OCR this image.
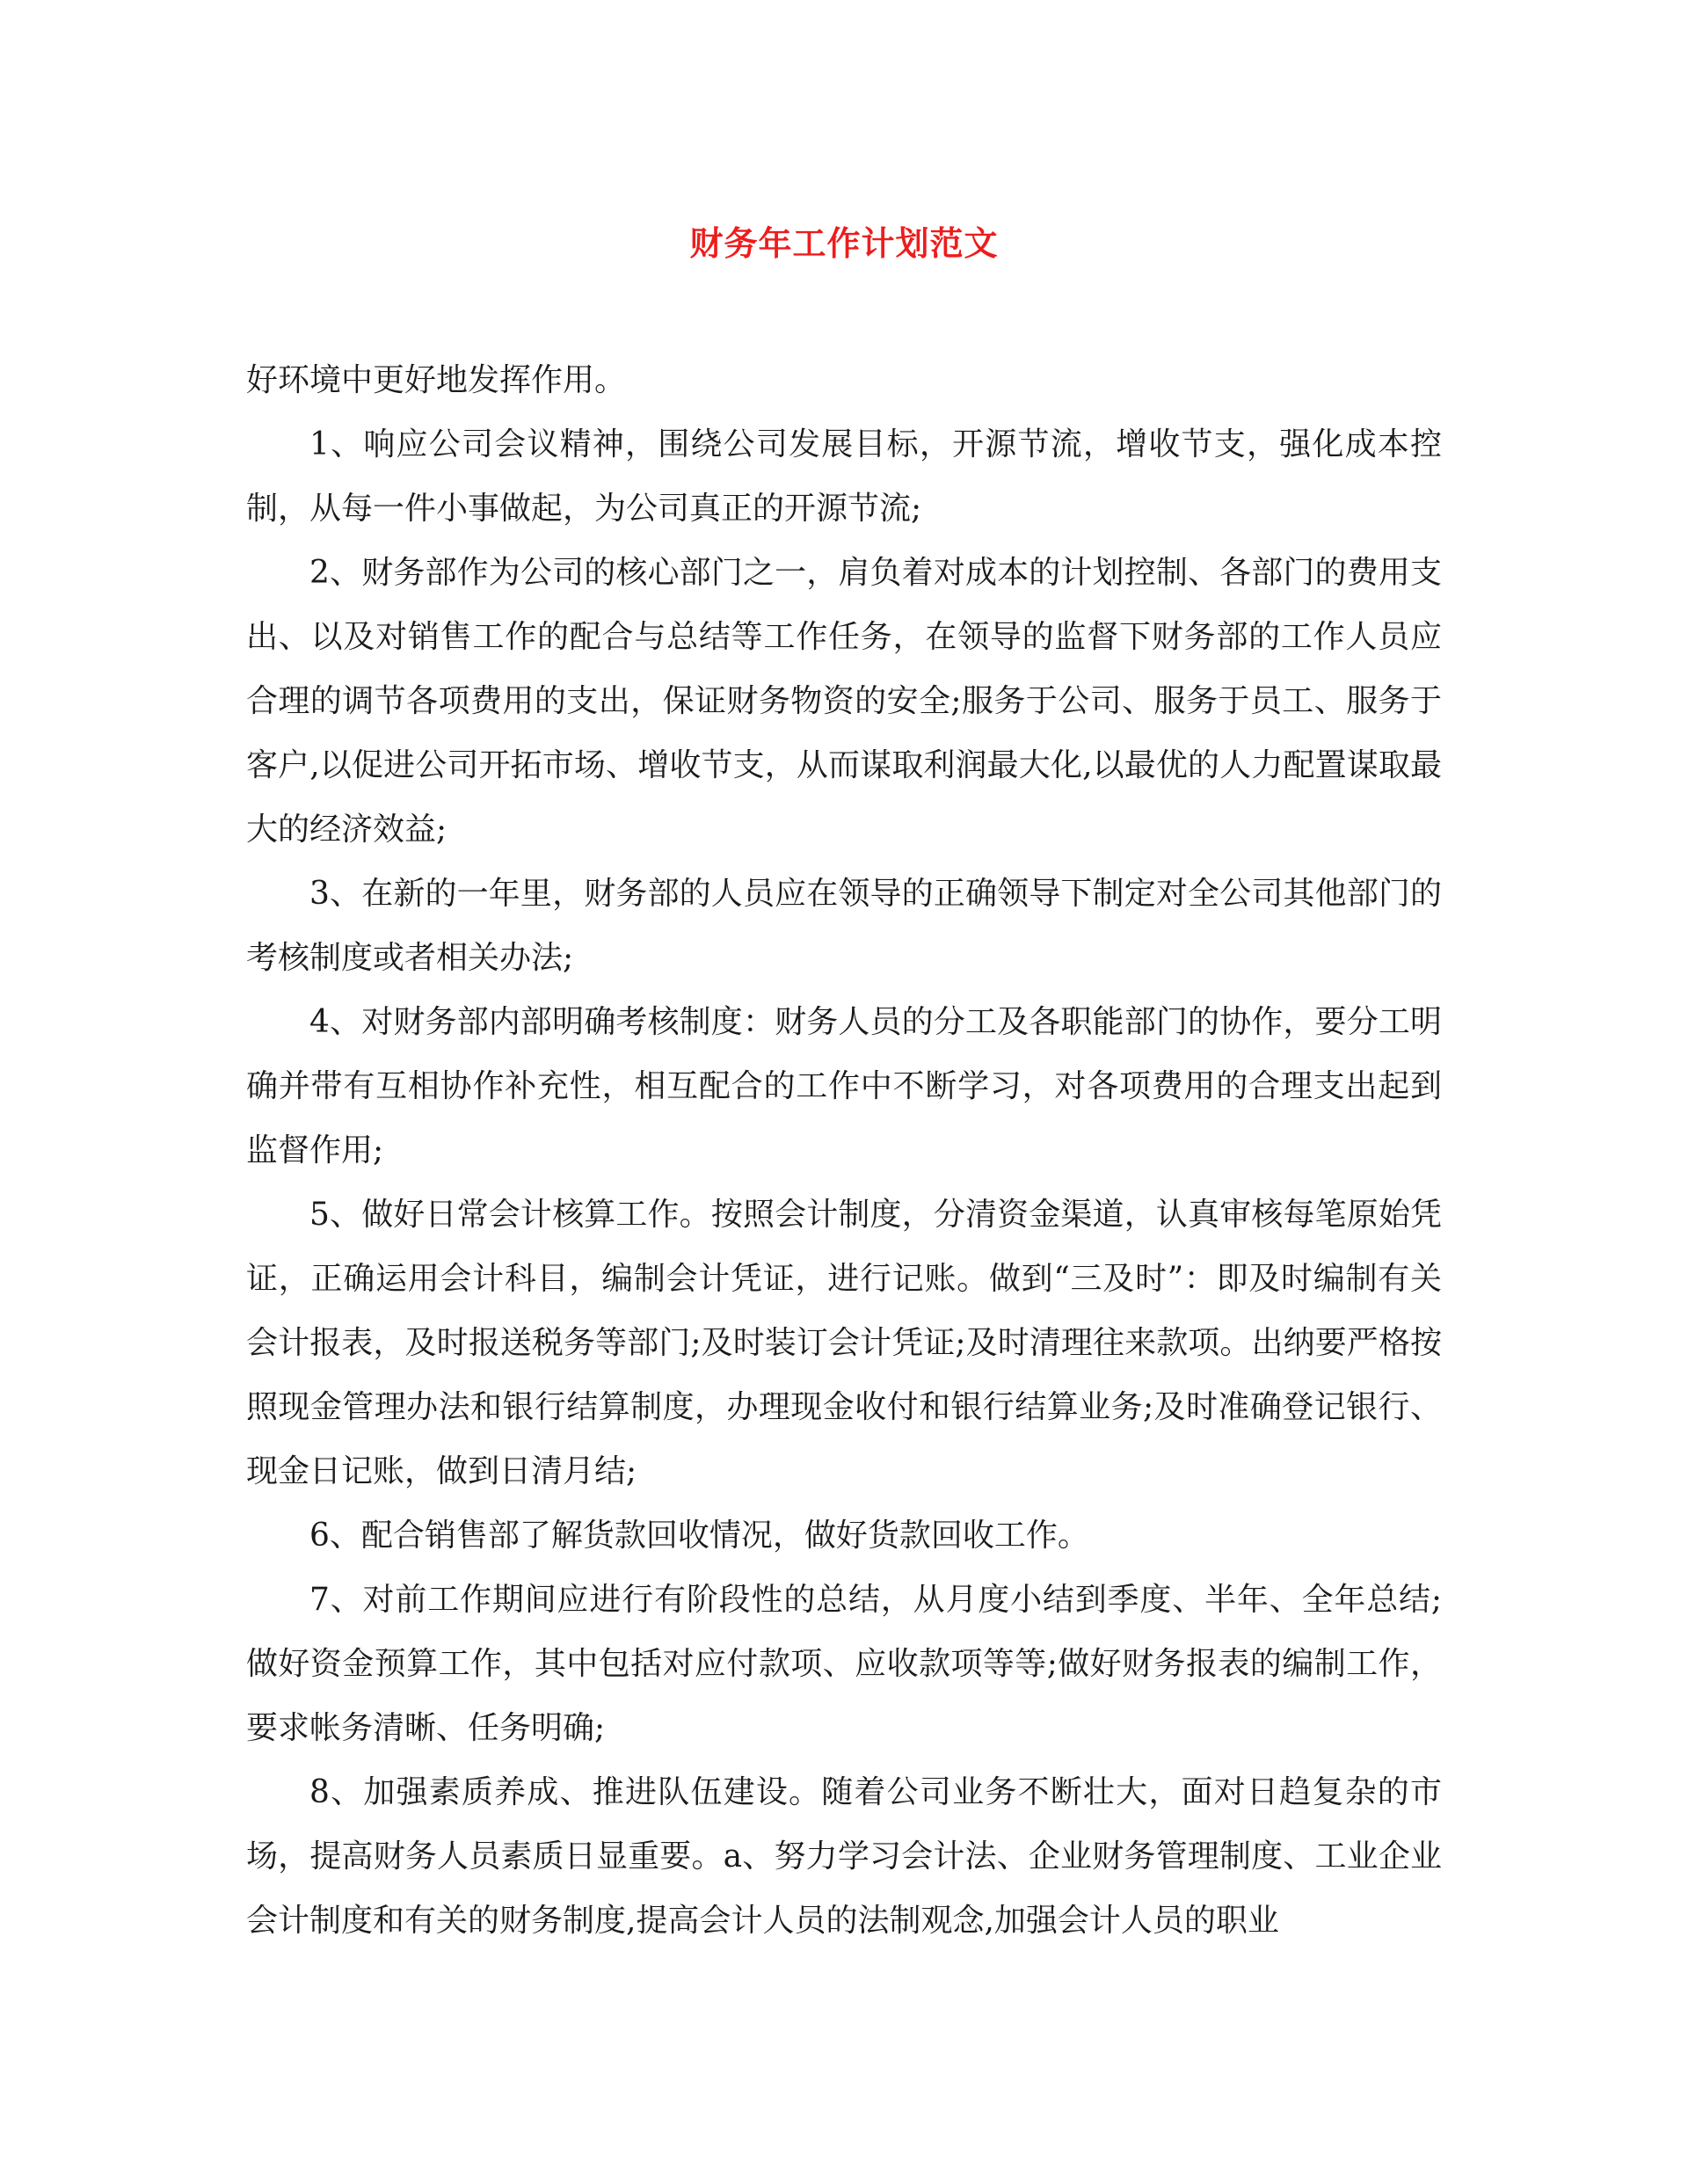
财务年工作计划范文

好环境中更好地发挥作用。

1、响应公司会议精神，围绕公司发展目标，开源节流，增收节支，强化成本控制，从每一件小事做起，为公司真正的开源节流;

2、财务部作为公司的核心部门之一，肩负着对成本的计划控制、各部门的费用支出、以及对销售工作的配合与总结等工作任务，在领导的监督下财务部的工作人员应合理的调节各项费用的支出，保证财务物资的安全;服务于公司、服务于员工、服务于客户,以促进公司开拓市场、增收节支，从而谋取利润最大化,以最优的人力配置谋取最大的经济效益;

3、在新的一年里，财务部的人员应在领导的正确领导下制定对全公司其他部门的考核制度或者相关办法;

4、对财务部内部明确考核制度：财务人员的分工及各职能部门的协作，要分工明确并带有互相协作补充性，相互配合的工作中不断学习，对各项费用的合理支出起到监督作用;

5、做好日常会计核算工作。按照会计制度，分清资金渠道，认真审核每笔原始凭证，正确运用会计科目，编制会计凭证，进行记账。做到“三及时”：即及时编制有关会计报表，及时报送税务等部门;及时装订会计凭证;及时清理往来款项。出纳要严格按照现金管理办法和银行结算制度，办理现金收付和银行结算业务;及时准确登记银行、现金日记账，做到日清月结;

6、配合销售部了解货款回收情况，做好货款回收工作。

7、对前工作期间应进行有阶段性的总结，从月度小结到季度、半年、全年总结;做好资金预算工作，其中包括对应付款项、应收款项等等;做好财务报表的编制工作，要求帐务清晰、任务明确;

8、加强素质养成、推进队伍建设。随着公司业务不断壮大，面对日趋复杂的市场，提高财务人员素质日显重要。a、努力学习会计法、企业财务管理制度、工业企业会计制度和有关的财务制度,提高会计人员的法制观念,加强会计人员的职业
